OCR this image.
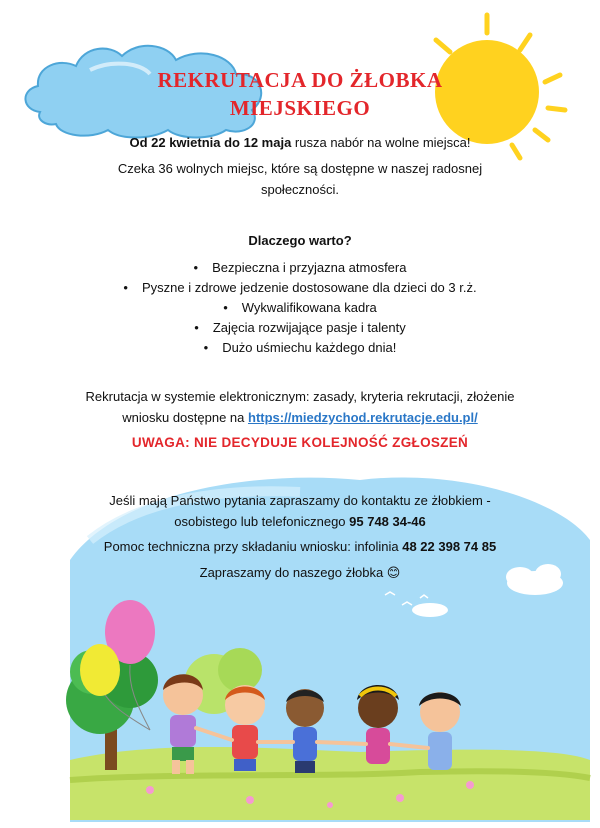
REKRUTACJA DO ŻŁOBKA
MIEJSKIEGO
Od 22 kwietnia do 12 maja rusza nabór na wolne miejsca!
Czeka 36 wolnych miejsc, które są dostępne w naszej radosnej społeczności.
Dlaczego warto?
• Bezpieczna i przyjazna atmosfera
• Pyszne i zdrowe jedzenie dostosowane dla dzieci do 3 r.ż.
• Wykwalifikowana kadra
• Zajęcia rozwijające pasje i talenty
• Dużo uśmiechu każdego dnia!
Rekrutacja w systemie elektronicznym: zasady, kryteria rekrutacji, złożenie wniosku dostępne na https://miedzychod.rekrutacje.edu.pl/
UWAGA: NIE DECYDUJE KOLEJNOŚĆ ZGŁOSZEŃ
Jeśli mają Państwo pytania zapraszamy do kontaktu ze żłobkiem - osobistego lub telefonicznego 95 748 34-46
Pomoc techniczna przy składaniu wniosku: infolinia 48 22 398 74 85
Zapraszamy do naszego żłobka 😊
